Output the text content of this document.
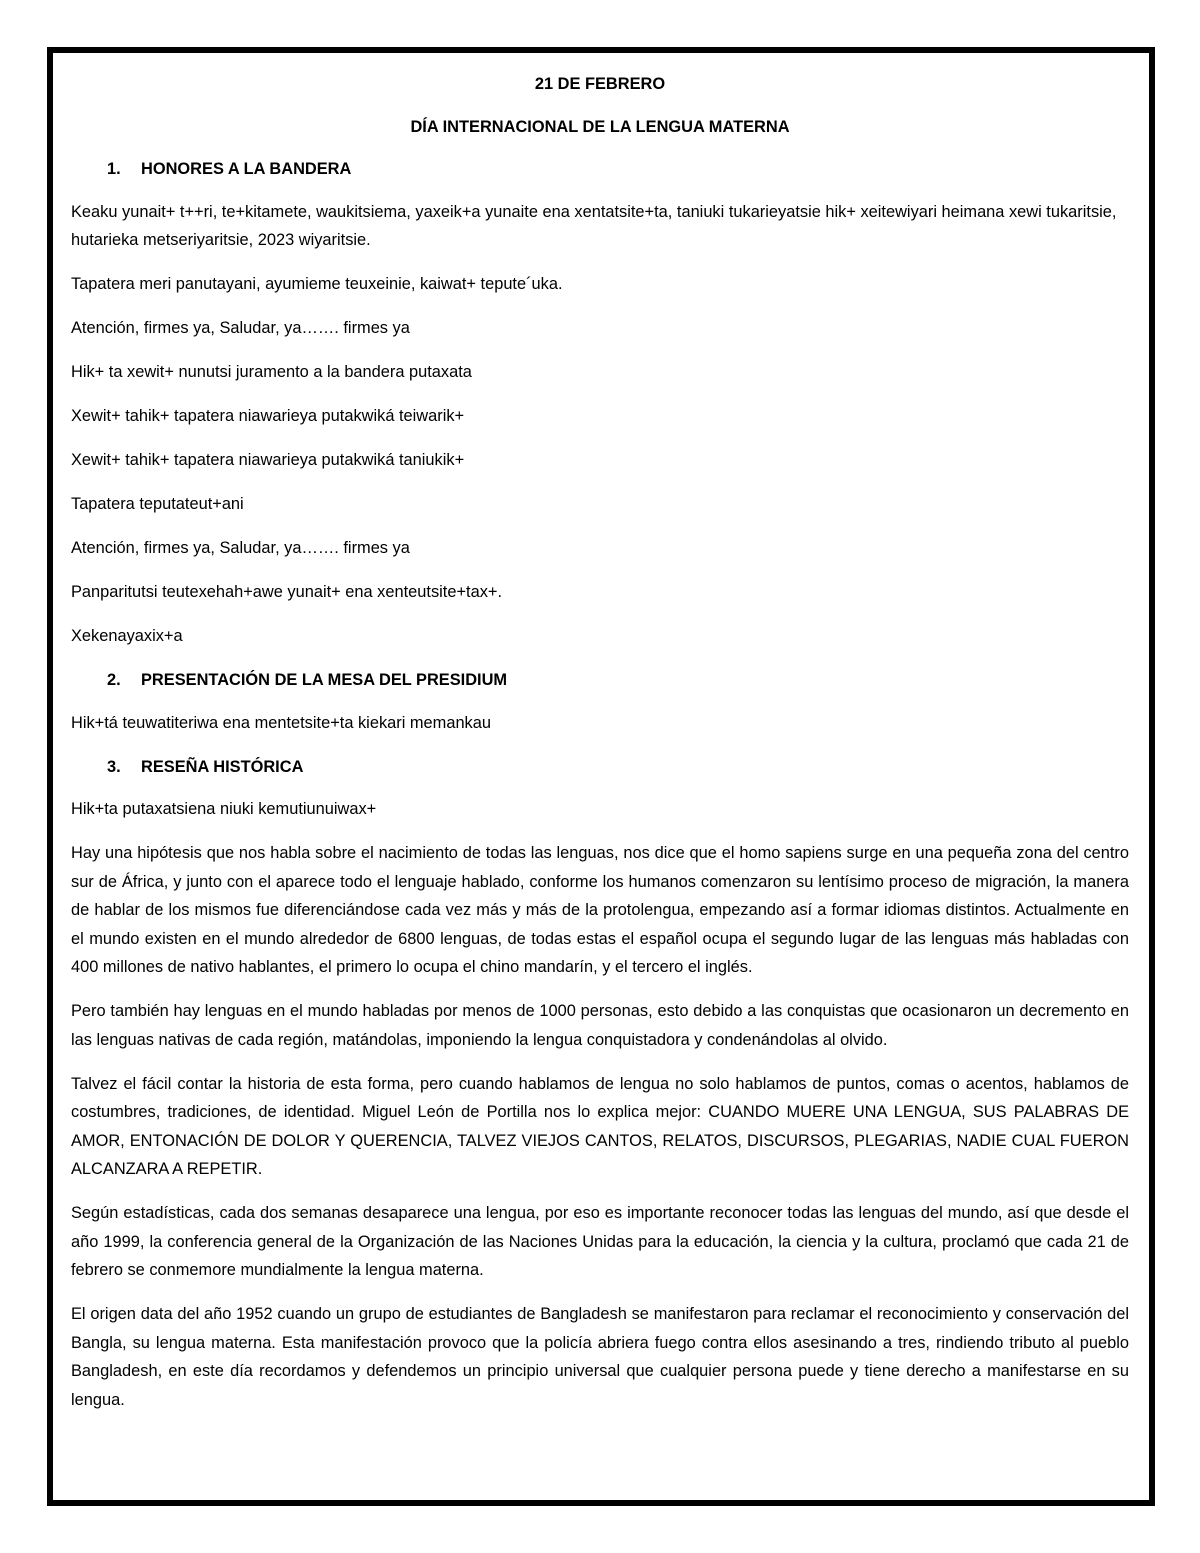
21 DE FEBRERO
DÍA INTERNACIONAL DE LA LENGUA MATERNA
1.	HONORES A LA BANDERA

Keaku yunait+ t++ri, te+kitamete, waukitsiema, yaxeik+a yunaite ena xentatsite+ta, taniuki tukarieyatsie hik+ xeitewiyari heimana xewi tukaritsie, hutarieka metseriyaritsie, 2023 wiyaritsie.

Tapatera meri panutayani, ayumieme teuxeinie, kaiwat+ tepute´uka.

Atención, firmes ya, Saludar, ya……. firmes ya

Hik+ ta xewit+ nunutsi juramento a la bandera putaxata

Xewit+ tahik+ tapatera niawarieya putakwiká teiwarik+

Xewit+ tahik+ tapatera niawarieya putakwiká taniukik+

Tapatera teputateut+ani

Atención, firmes ya, Saludar, ya……. firmes ya

Panparitutsi teutexehah+awe yunait+ ena xenteutsite+tax+.

Xekenayaxix+a

2.	PRESENTACIÓN DE LA MESA DEL PRESIDIUM

Hik+tá teuwatiteriwa ena mentetsite+ta kiekari memankau

3.	RESEÑA HISTÓRICA

Hik+ta putaxatsiena niuki kemutiunuiwax+

Hay una hipótesis que nos habla sobre el nacimiento de todas las lenguas, nos dice que el homo sapiens surge en una pequeña zona del centro sur de África, y junto con el aparece todo el lenguaje hablado, conforme los humanos comenzaron su lentísimo proceso de migración, la manera de hablar de los mismos fue diferenciándose cada vez más y más de la protolengua, empezando así a formar idiomas distintos. Actualmente en el mundo existen en el mundo alrededor de 6800 lenguas, de todas estas el español ocupa el segundo lugar de las lenguas más habladas con 400 millones de nativo hablantes, el primero lo ocupa el chino mandarín, y el tercero el inglés.

Pero también hay lenguas en el mundo habladas por menos de 1000 personas, esto debido a las conquistas que ocasionaron un decremento en las lenguas nativas de cada región, matándolas, imponiendo la lengua conquistadora y condenándolas al olvido.

Talvez el fácil contar la historia de esta forma, pero cuando hablamos de lengua no solo hablamos de puntos, comas o acentos, hablamos de costumbres, tradiciones, de identidad. Miguel León de Portilla nos lo explica mejor: CUANDO MUERE UNA LENGUA, SUS PALABRAS DE AMOR, ENTONACIÓN DE DOLOR Y QUERENCIA, TALVEZ VIEJOS CANTOS, RELATOS, DISCURSOS, PLEGARIAS, NADIE CUAL FUERON ALCANZARA A REPETIR.

Según estadísticas, cada dos semanas desaparece una lengua, por eso es importante reconocer todas las lenguas del mundo, así que desde el año 1999, la conferencia general de la Organización de las Naciones Unidas para la educación, la ciencia y la cultura, proclamó que cada 21 de febrero se conmemore mundialmente la lengua materna.

El origen data del año 1952 cuando un grupo de estudiantes de Bangladesh se manifestaron para reclamar el reconocimiento y conservación del Bangla, su lengua materna. Esta manifestación provoco que la policía abriera fuego contra ellos asesinando a tres, rindiendo tributo al pueblo Bangladesh, en este día recordamos y defendemos un principio universal que cualquier persona puede y tiene derecho a manifestarse en su lengua.
